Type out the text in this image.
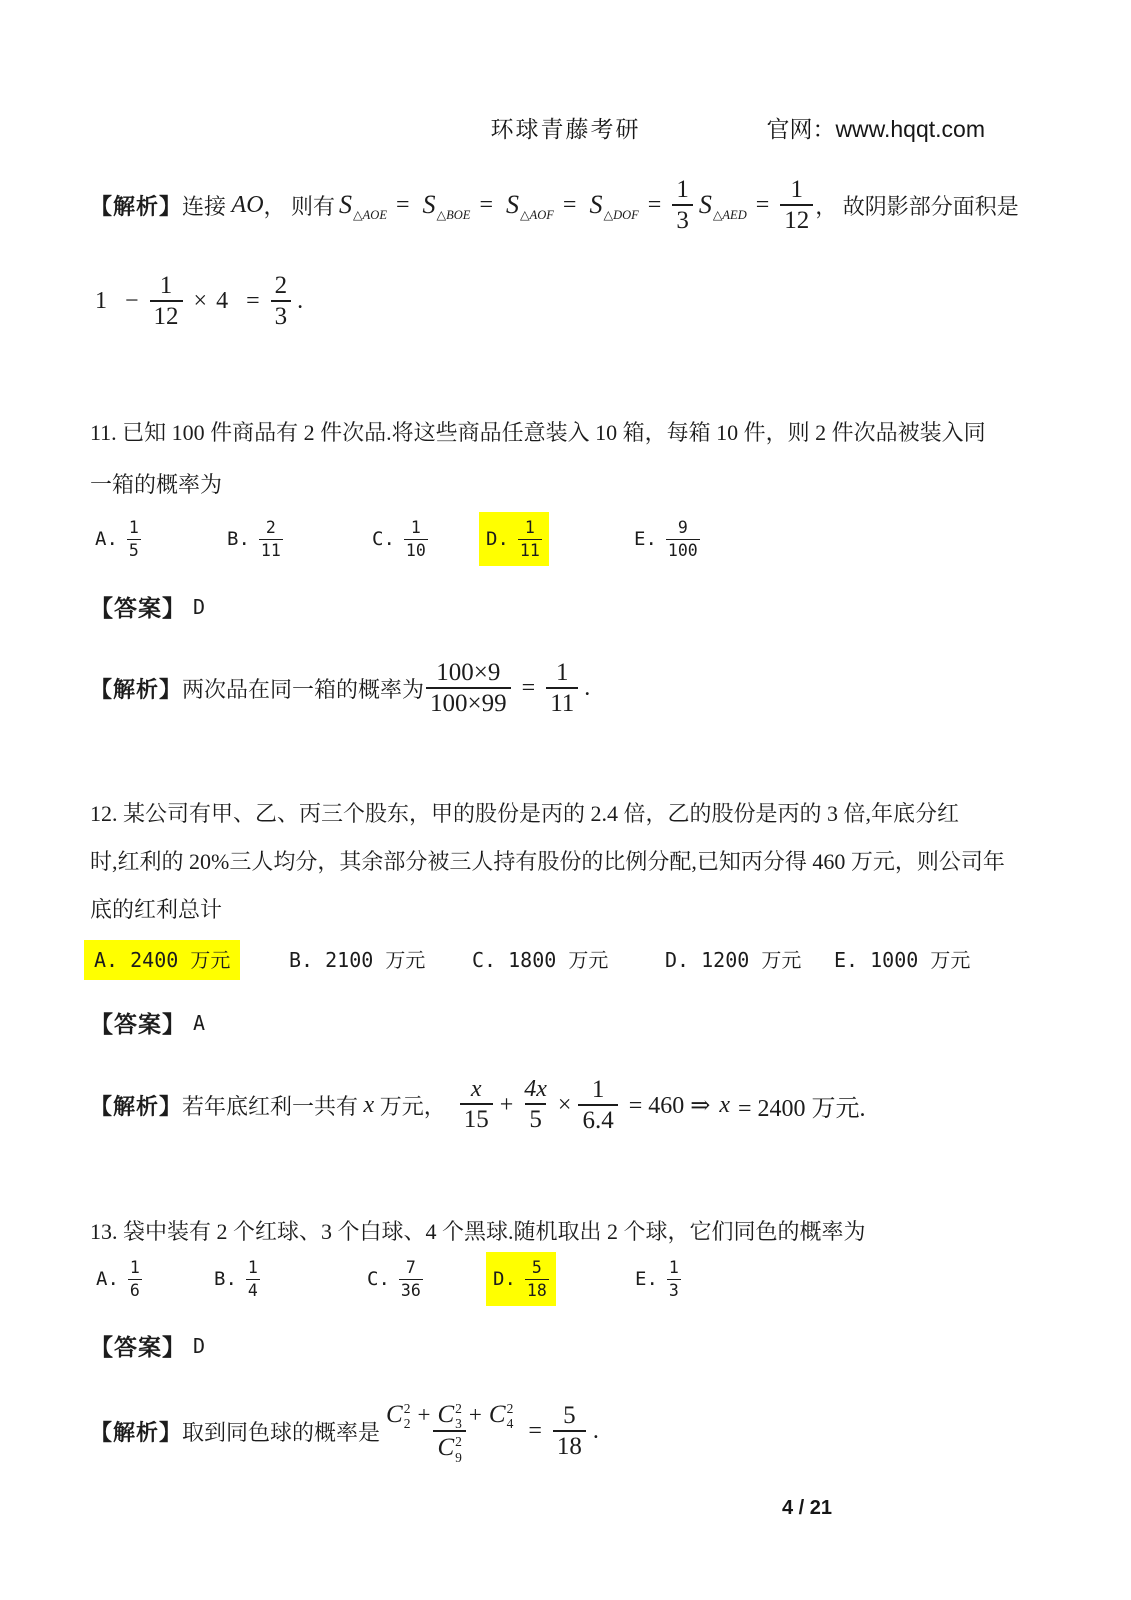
环球青藤考研	官网：www.hqqt.com
【解析】 连接 AO ， 则有 S △AOE = S △BOE = S △AOF = S △DOF = $\frac{1}{3}$ S △AED = $\frac{1}{12}$ ， 故阴影部分面积是
$1 - \frac{1}{12} \times 4 = \frac{2}{3}$ .
11. 已知 100 件商品有 2 件次品.将这些商品任意装入 10 箱，每箱 10 件，则 2 件次品被装入同
一箱的概率为
A.
1
5	B.
2
11	C.
1
10	D.
1
11	E.
9
100
【答案】 D
【解析】 两次品在同一箱的概率为 $\frac{100\times 9}{100\times 99} = \frac{1}{11}$ .
12. 某公司有甲、乙、丙三个股东，甲的股份是丙的 2.4 倍，乙的股份是丙的 3 倍,年底分红
时,红利的 20%三人均分，其余部分被三人持有股份的比例分配,已知丙分得 460 万元，则公司年
底的红利总计
A. 2400 万元	B. 2100 万元 C. 1800 万元	D. 1200 万元 E. 1000 万元
【答案】 A
【解析】 若年底红利一共有 x 万元， $\frac{x}{15} + \frac{4x}{5} \times \frac{1}{6.4} = 460$ ⇒ x = 2400 万元.
13. 袋中装有 2 个红球、3 个白球、4 个黑球.随机取出 2 个球，它们同色的概率为
A.
1
6	B.
1
4	C.
7
36	D.
5
18	E.
1
3
【答案】 D
【解析】 取到同色球的概率是 C 2
2 + C 2
3 + C 2
4
C 2
$9 = \frac{5}{18}$ .
4 / 21
